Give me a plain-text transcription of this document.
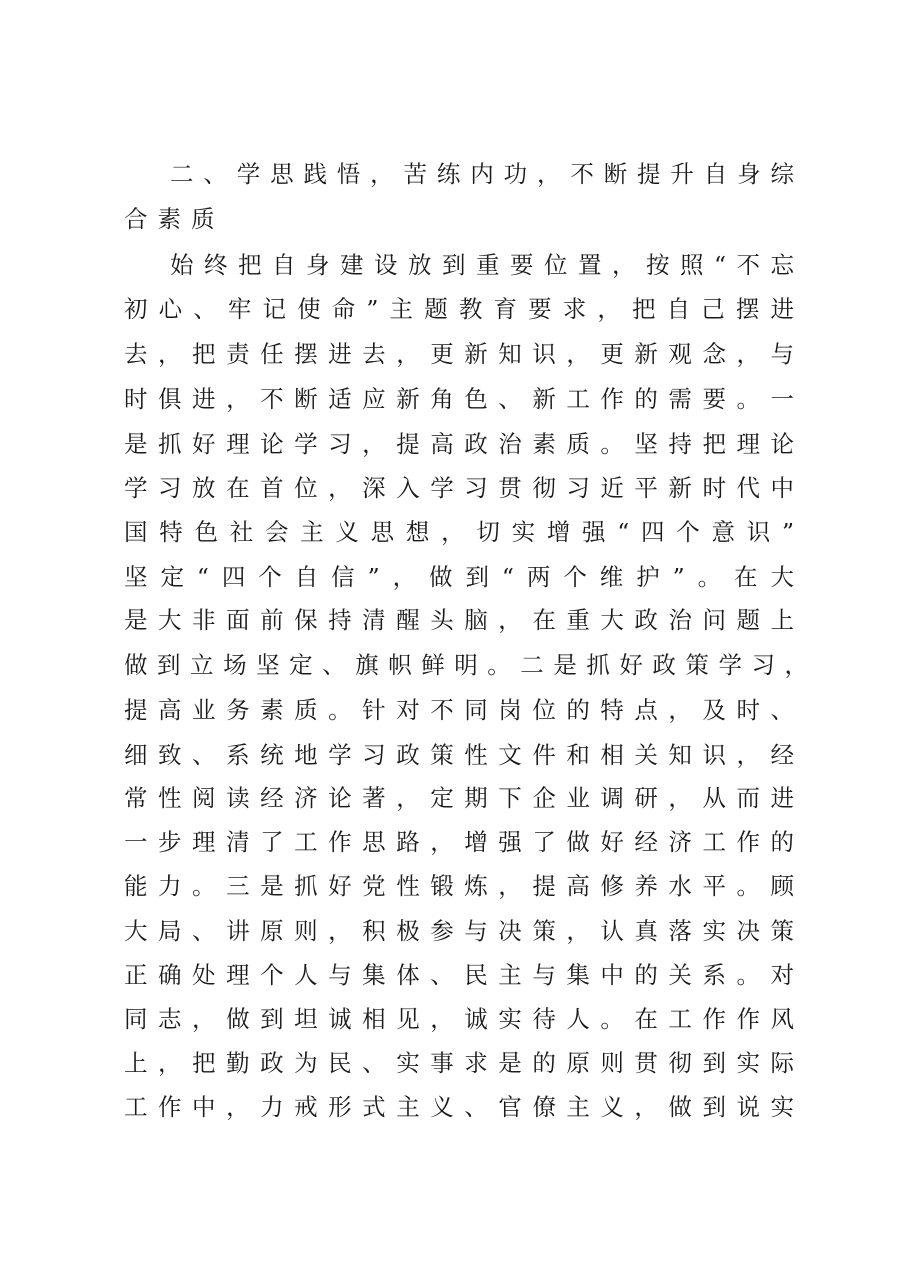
二、学思践悟，苦练内功，不断提升自身综
合素质
始终把自身建设放到重要位置，按照“不忘
初心、牢记使命”主题教育要求，把自己摆进
去，把责任摆进去，更新知识，更新观念，与
时俱进，不断适应新角色、新工作的需要。一
是抓好理论学习，提高政治素质。坚持把理论
学习放在首位，深入学习贯彻习近平新时代中
国特色社会主义思想，切实增强“四个意识”
坚定“四个自信”，做到“两个维护”。在大
是大非面前保持清醒头脑，在重大政治问题上
做到立场坚定、旗帜鲜明。二是抓好政策学习，
提高业务素质。针对不同岗位的特点，及时、
细致、系统地学习政策性文件和相关知识，经
常性阅读经济论著，定期下企业调研，从而进
一步理清了工作思路，增强了做好经济工作的
能力。三是抓好党性锻炼，提高修养水平。顾
大局、讲原则，积极参与决策，认真落实决策
正确处理个人与集体、民主与集中的关系。对
同志，做到坦诚相见，诚实待人。在工作作风
上，把勤政为民、实事求是的原则贯彻到实际
工作中，力戒形式主义、官僚主义，做到说实
